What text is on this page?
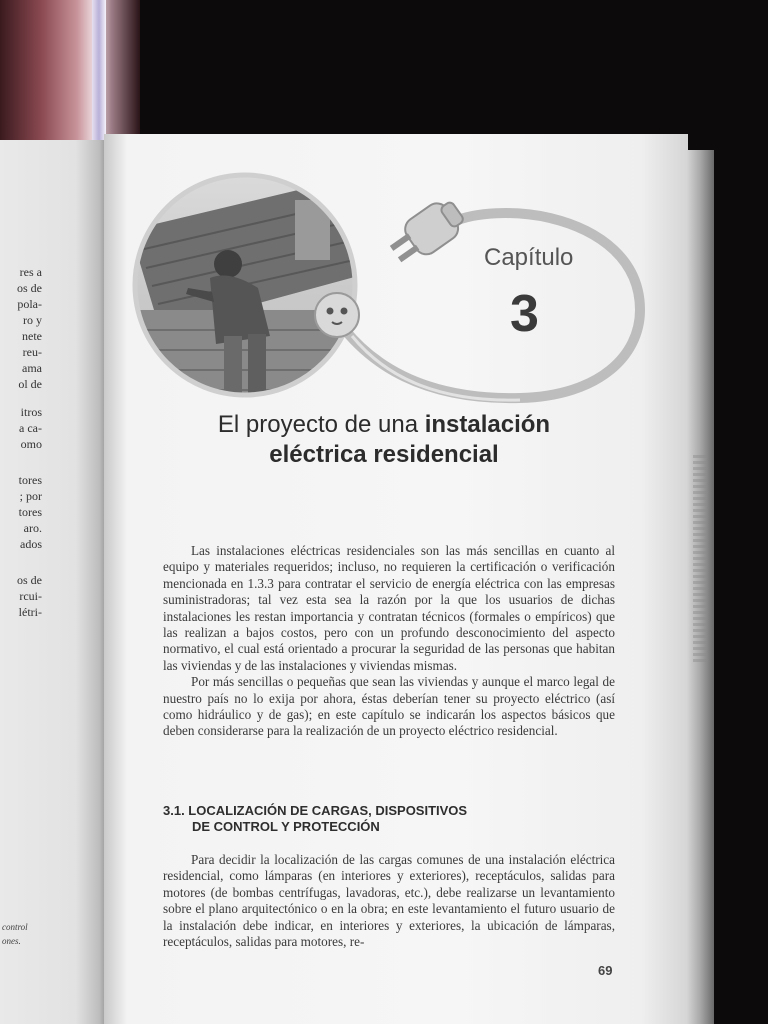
res a
os de
pola-
ro y
nete
reu-
ama
ol de
itros
a ca-
omo
tores
; por
tores
aro.
ados
os de
rcui-
létri-
control
ones.
Capítulo
3
El proyecto de una instalación
eléctrica residencial

Las instalaciones eléctricas residenciales son las más sencillas en cuanto al equipo y materiales requeridos; incluso, no requieren la certificación o verificación mencionada en 1.3.3 para contratar el servicio de energía eléctrica con las empresas suministradoras; tal vez esta sea la razón por la que los usuarios de dichas instalaciones les restan importancia y contratan técnicos (formales o empíricos) que las realizan a bajos costos, pero con un profundo desconocimiento del aspecto normativo, el cual está orientado a procurar la seguridad de las personas que habitan las viviendas y de las instalaciones y viviendas mismas.

Por más sencillas o pequeñas que sean las viviendas y aunque el marco legal de nuestro país no lo exija por ahora, éstas deberían tener su proyecto eléctrico (así como hidráulico y de gas); en este capítulo se indicarán los aspectos básicos que deben considerarse para la realización de un proyecto eléctrico residencial.

3.1. LOCALIZACIÓN DE CARGAS, DISPOSITIVOS
DE CONTROL Y PROTECCIÓN

Para decidir la localización de las cargas comunes de una instalación eléctrica residencial, como lámparas (en interiores y exteriores), receptáculos, salidas para motores (de bombas centrífugas, lavadoras, etc.), debe realizarse un levantamiento sobre el plano arquitectónico o en la obra; en este levantamiento el futuro usuario de la instalación debe indicar, en interiores y exteriores, la ubicación de lámparas, receptáculos, salidas para motores, re-

69
